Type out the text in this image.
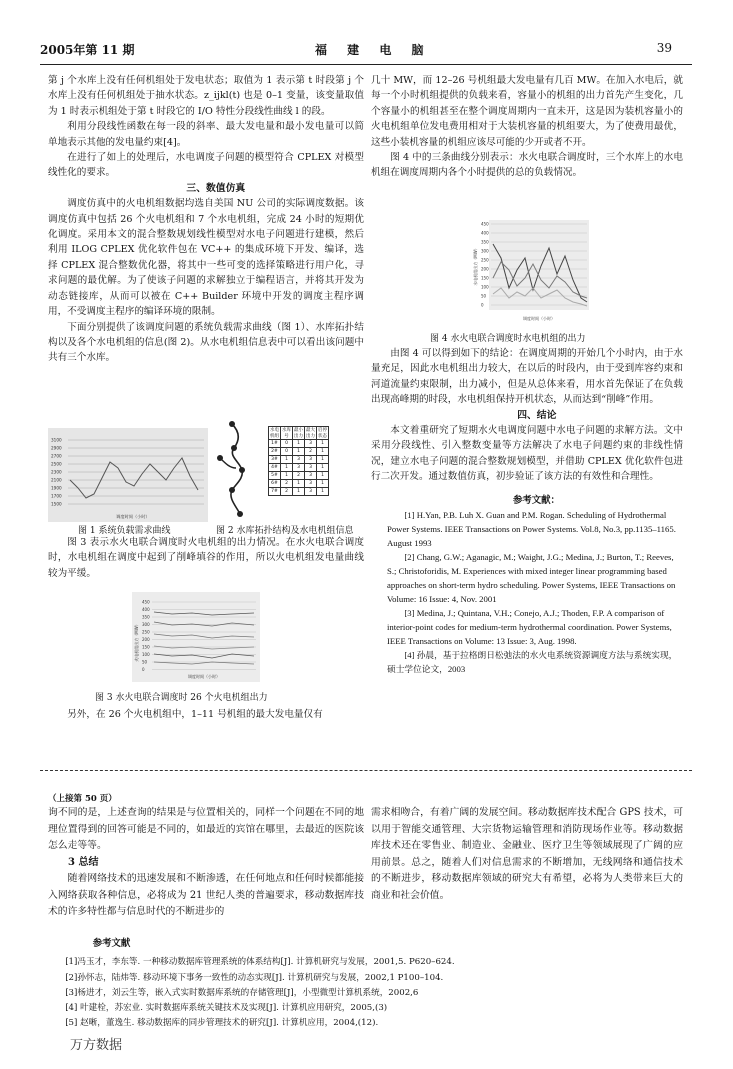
2005年第 11 期	福 建 电 脑	39

第 j 个水库上没有任何机组处于发电状态；取值为 1 表示第 t 时段第 j 个水库上没有任何机组处于抽水状态。z_ijkl(t) 也是 0–1 变量，该变量取值为 1 时表示机组处于第 t 时段它的 I/O 特性分段线性曲线 l 的段。

利用分段线性函数在每一段的斜率、最大发电量和最小发电量可以简单地表示其他的发电量约束[4]。

在进行了如上的处理后，水电调度子问题的模型符合 CPLEX 对模型线性化的要求。

三、数值仿真

调度仿真中的火电机组数据均选自美国 NU 公司的实际调度数据。该调度仿真中包括 26 个火电机组和 7 个水电机组，完成 24 小时的短期优化调度。采用本文的混合整数规划线性模型对水电子问题进行建模，然后利用 ILOG CPLEX 优化软件包在 VC++ 的集成环境下开发、编译，选择 CPLEX 混合整数优化器，将其中一些可变的选择策略进行用户化，寻求问题的最优解。为了使该子问题的求解独立于编程语言，并将其开发为动态链接库，从而可以被在 C++ Builder 环境中开发的调度主程序调用，不受调度主程序的编译环境的限制。

下面分别提供了该调度问题的系统负载需求曲线（图 1）、水库拓扑结构以及各个水电机组的信息(图 2)。从水电机组信息表中可以看出该问题中共有三个水库。

3100
2900
2700
2500
2300
2100
1900
1700
1500
调度时间（小时）
图 1 系统负载需求曲线
水电机组	水库号	最小出力	最大出力	启停状态
1#	0	1	3	1
2#	0	1	2	1
3#	1	3	3	1
4#	1	3	3	1
5#	1	2	3	1
6#	2	1	3	1
7#	2	1	3	1
图 2 水库拓扑结构及水电机组信息

图 3 表示水火电联合调度时火电机组的出力情况。在水火电联合调度时，水电机组在调度中起到了削峰填谷的作用，所以火电机组发电量曲线较为平缓。

450
400
350
300
250
200
150
100
50
0
火电机组出力（MW）
调度时间（小时）
图 3 水火电联合调度时 26 个火电机组出力

另外，在 26 个火电机组中，1–11 号机组的最大发电量仅有

几十 MW，而 12–26 号机组最大发电量有几百 MW。在加入水电后，就每一个小时机组提供的负载来看，容量小的机组的出力首先产生变化，几个容量小的机组甚至在整个调度周期内一直未开，这是因为装机容量小的火电机组单位发电费用相对于大装机容量的机组要大，为了使费用最优，这些小装机容量的机组应该尽可能的少开或者不开。

图 4 中的三条曲线分别表示：水火电联合调度时，三个水库上的水电机组在调度周期内各个小时提供的总的负载情况。

450
400
350
300
250
200
150
100
50
0
水电机组出力（MW）
调度时间（小时）
图 4 水火电联合调度时水电机组的出力

由图 4 可以得到如下的结论：在调度周期的开始几个小时内，由于水量充足，因此水电机组出力较大，在以后的时段内，由于受到库容约束和河道流量约束限制，出力减小，但是从总体来看，用水首先保证了在负载出现高峰期的时段，水电机组保持开机状态，从而达到“削峰”作用。

四、结论

本文着重研究了短期水火电调度问题中水电子问题的求解方法。文中采用分段线性、引入整数变量等方法解决了水电子问题约束的非线性情况，建立水电子问题的混合整数规划模型，并借助 CPLEX 优化软件包进行二次开发。通过数值仿真，初步验证了该方法的有效性和合理性。

参考文献：

[1] H.Yan, P.B. Luh X. Guan and P.M. Rogan. Scheduling of Hydrothermal Power Systems. IEEE Transactions on Power Systems. Vol.8, No.3, pp.1135–1165. August 1993

[2] Chang, G.W.; Aganagic, M.; Waight, J.G.; Medina, J.; Burton, T.; Reeves, S.; Christoforidis, M. Experiences with mixed integer linear programming based approaches on short-term hydro scheduling. Power Systems, IEEE Transactions on Volume: 16 Issue: 4, Nov. 2001

[3] Medina, J.; Quintana, V.H.; Conejo, A.J.; Thoden, F.P. A comparison of interior-point codes for medium-term hydrothermal coordination. Power Systems, IEEE Transactions on Volume: 13 Issue: 3, Aug. 1998.

[4] 孙晨，基于拉格朗日松弛法的水火电系统资源调度方法与系统实现，硕士学位论文，2003

（上接第 50 页）

询不同的是，上述查询的结果是与位置相关的，同样一个问题在不同的地理位置得到的回答可能是不同的，如最近的宾馆在哪里，去最近的医院该怎么走等等。

3 总结

随着网络技术的迅速发展和不断渗透，在任何地点和任何时候都能接入网络获取各种信息，必将成为 21 世纪人类的普遍要求，移动数据库技术的许多特性都与信息时代的不断进步的

需求相吻合，有着广阔的发展空间。移动数据库技术配合 GPS 技术，可以用于智能交通管理、大宗货物运输管理和消防现场作业等。移动数据库技术还在零售业、制造业、金融业、医疗卫生等领域展现了广阔的应用前景。总之，随着人们对信息需求的不断增加，无线网络和通信技术的不断进步，移动数据库领域的研究大有希望，必将为人类带来巨大的商业和社会价值。

参考文献

[1]冯玉才，李东等. 一种移动数据库管理系统的体系结构[J]. 计算机研究与发展，2001,5. P620–624.

[2]孙怀志，陆炜等. 移动环境下事务一致性的动态实现[J]. 计算机研究与发展，2002,1 P100–104.

[3]杨进才，刘云生等，嵌入式实时数据库系统的存储管理[J]，小型微型计算机系统，2002,6

[4] 叶建栓，苏宏业. 实时数据库系统关键技术及实现[J]. 计算机应用研究，2005,(3)

[5] 赵晰，董逸生. 移动数据库的同步管理技术的研究[J]. 计算机应用，2004,(12).

万方数据
